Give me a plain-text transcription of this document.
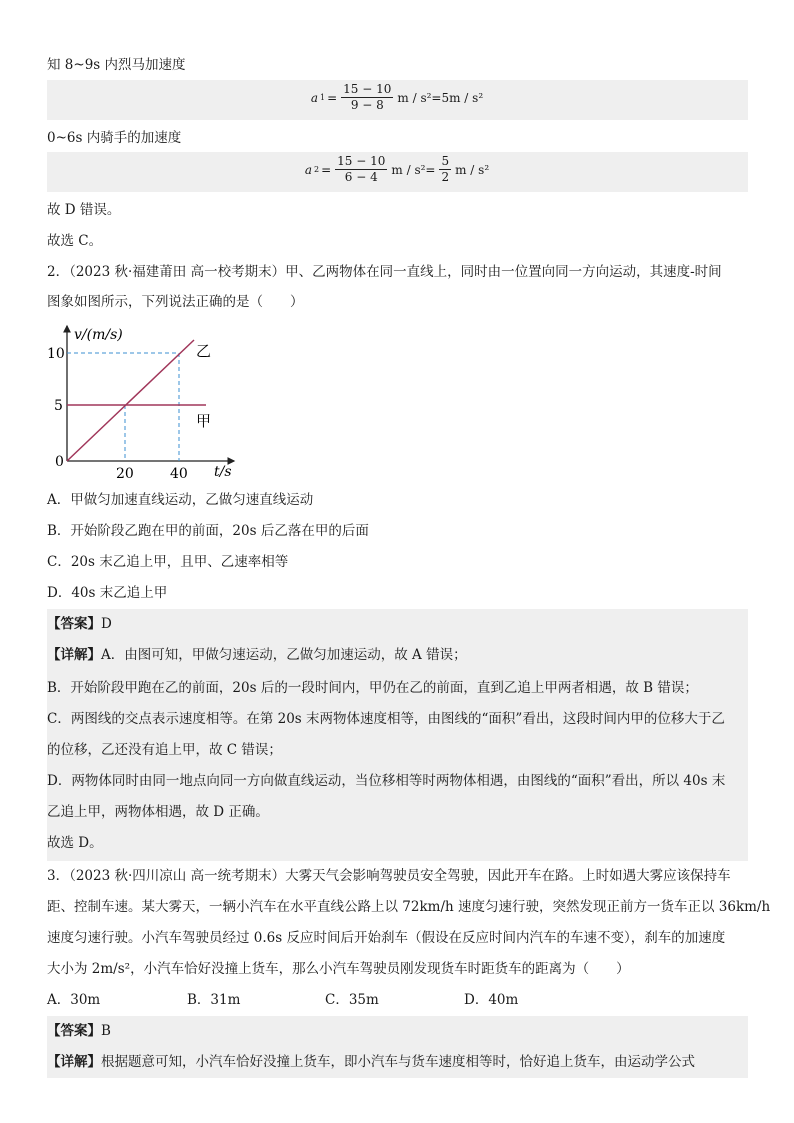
知 8~9s 内烈马加速度
a $1 = \frac{15 - 10}{9 - 8}$ m / s²=5m / s²
0~6s 内骑手的加速度
a $2 = \frac{15 - 10}{6 - 4}$ $m / s^2= \frac{5}{2}$ m / s²
故 D 错误。
故选 C。
2．（2023 秋·福建莆田 高一校考期末）甲、乙两物体在同一直线上，同时由一位置向同一方向运动，其速度-时间
图象如图所示，下列说法正确的是（　　）
v/(m/s)
10
5
0
20	40 t/s
乙
甲
A．甲做匀加速直线运动，乙做匀速直线运动
B．开始阶段乙跑在甲的前面，20s 后乙落在甲的后面
C．20s 末乙追上甲，且甲、乙速率相等
D．40s 末乙追上甲
【答案】D
【详解】A．由图可知，甲做匀速运动，乙做匀加速运动，故 A 错误；
B．开始阶段甲跑在乙的前面，20s 后的一段时间内，甲仍在乙的前面，直到乙追上甲两者相遇，故 B 错误；
C．两图线的交点表示速度相等。在第 20s 末两物体速度相等，由图线的“面积”看出，这段时间内甲的位移大于乙
的位移，乙还没有追上甲，故 C 错误；
D．两物体同时由同一地点向同一方向做直线运动，当位移相等时两物体相遇，由图线的“面积”看出，所以 40s 末
乙追上甲，两物体相遇，故 D 正确。
故选 D。
3．（2023 秋·四川凉山 高一统考期末）大雾天气会影响驾驶员安全驾驶，因此开车在路。上时如遇大雾应该保持车
距、控制车速。某大雾天，一辆小汽车在水平直线公路上以 72km/h 速度匀速行驶，突然发现正前方一货车正以 36km/h
速度匀速行驶。小汽车驾驶员经过 0.6s 反应时间后开始刹车（假设在反应时间内汽车的车速不变），刹车的加速度
大小为 2m/s²，小汽车恰好没撞上货车，那么小汽车驾驶员刚发现货车时距货车的距离为（　　）
A．30m	B．31m	C．35m	D．40m
【答案】B
【详解】根据题意可知，小汽车恰好没撞上货车，即小汽车与货车速度相等时，恰好追上货车，由运动学公式
